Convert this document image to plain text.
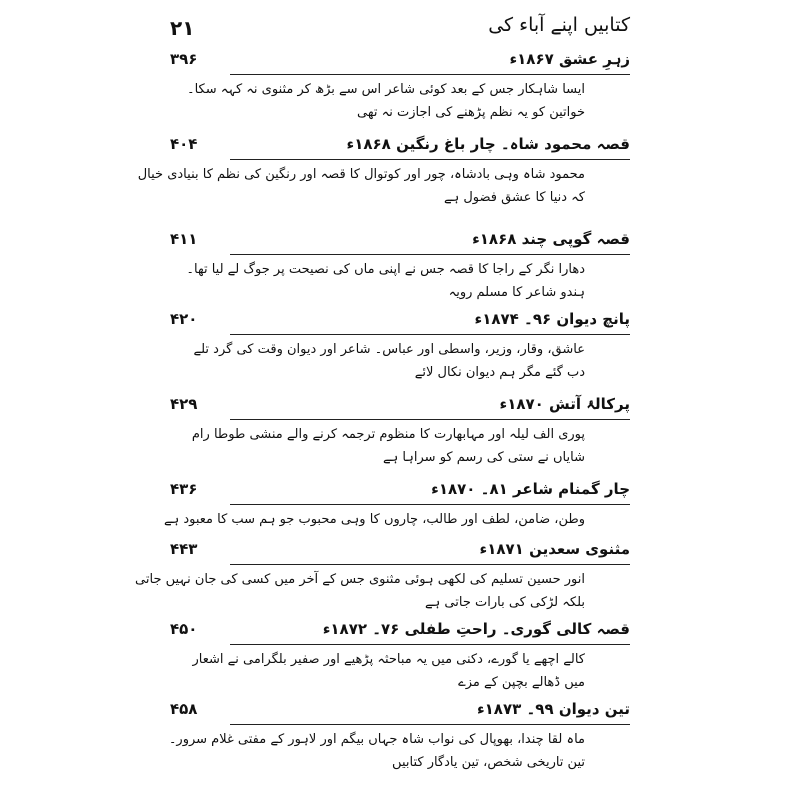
۲۱	کتابیں اپنے آباء کی
زہرِ عشق ۱۸۶۷ء
۳۹۶
ایسا شاہکار جس کے بعد کوئی شاعر اس سے بڑھ کر مثنوی نہ کہہ سکا۔
خواتین کو یہ نظم پڑھنے کی اجازت نہ تھی
قصہ محمود شاہ۔ چار باغ رنگین ۱۸۶۸ء
۴۰۴
محمود شاہ وہی بادشاہ، چور اور کوتوال کا قصہ اور رنگین کی نظم کا بنیادی خیال
کہ دنیا کا عشق فضول ہے
قصہ گوپی چند ۱۸۶۸ء
۴۱۱
دھارا نگر کے راجا کا قصہ جس نے اپنی ماں کی نصیحت پر جوگ لے لیا تھا۔
ہندو شاعر کا مسلم رویہ
پانچ دیوان ۹۶۔ ۱۸۷۴ء
۴۲۰
عاشق، وقار، وزیر، واسطی اور عباس۔ شاعر اور دیوان وقت کی گرد تلے
دب گئے مگر ہم دیوان نکال لائے
پرکالۂ آتش ۱۸۷۰ء
۴۲۹
پوری الف لیلہ اور مہابھارت کا منظوم ترجمہ کرنے والے منشی طوطا رام
شایاں نے ستی کی رسم کو سراہا ہے
چار گمنام شاعر ۸۱۔ ۱۸۷۰ء
۴۳۶
وطن، ضامن، لطف اور طالب، چاروں کا وہی محبوب جو ہم سب کا معبود ہے
مثنوی سعدین ۱۸۷۱ء
۴۴۳
انور حسین تسلیم کی لکھی ہوئی مثنوی جس کے آخر میں کسی کی جان نہیں جاتی
بلکہ لڑکی کی بارات جاتی ہے
قصہ کالی گوری۔ راحتِ طفلی ۷۶۔ ۱۸۷۲ء
۴۵۰
کالے اچھے یا گورے، دکنی میں یہ مباحثہ پڑھیے اور صفیر بلگرامی نے اشعار
میں ڈھالے بچپن کے مزے
تین دیوان ۹۹۔ ۱۸۷۳ء
۴۵۸
ماہ لقا چندا، بھوپال کی نواب شاہ جہاں بیگم اور لاہور کے مفتی غلام سرور۔
تین تاریخی شخص، تین یادگار کتابیں
